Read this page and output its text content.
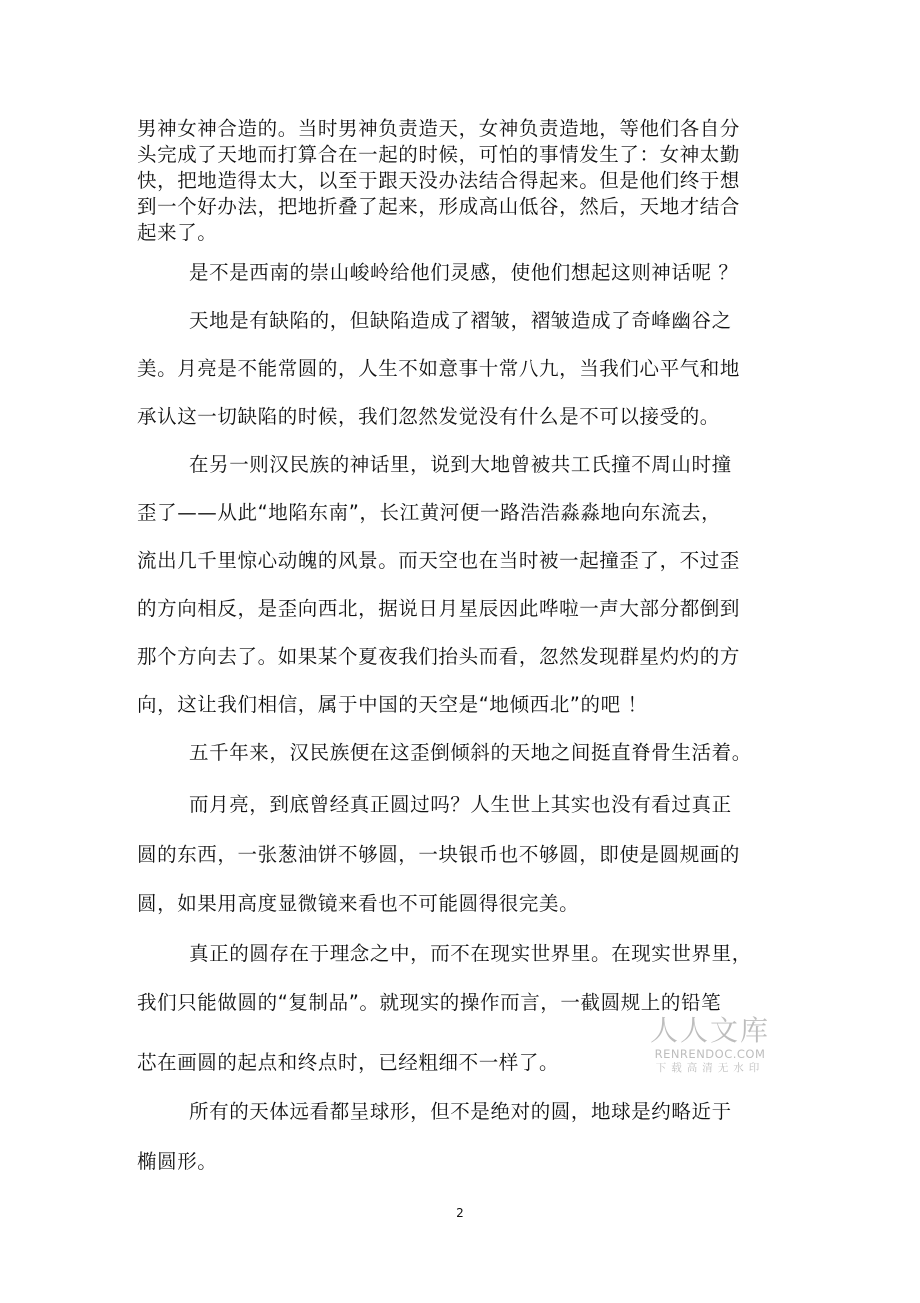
男神女神合造的。当时男神负责造天，女神负责造地，等他们各自分
头完成了天地而打算合在一起的时候，可怕的事情发生了：女神太勤
快，把地造得太大，以至于跟天没办法结合得起来。但是他们终于想
到一个好办法，把地折叠了起来，形成高山低谷，然后，天地才结合
起来了。
是不是西南的崇山峻岭给他们灵感，使他们想起这则神话呢 ？
天地是有缺陷的，但缺陷造成了褶皱，褶皱造成了奇峰幽谷之
美。月亮是不能常圆的，人生不如意事十常八九，当我们心平气和地
承认这一切缺陷的时候，我们忽然发觉没有什么是不可以接受的。
在另一则汉民族的神话里，说到大地曾被共工氏撞不周山时撞
歪了——从此“地陷东南”，长江黄河便一路浩浩淼淼地向东流去，
流出几千里惊心动魄的风景。而天空也在当时被一起撞歪了，不过歪
的方向相反，是歪向西北，据说日月星辰因此哗啦一声大部分都倒到
那个方向去了。如果某个夏夜我们抬头而看，忽然发现群星灼灼的方
向，这让我们相信，属于中国的天空是“地倾西北”的吧 ！
五千年来，汉民族便在这歪倒倾斜的天地之间挺直脊骨生活着。
而月亮，到底曾经真正圆过吗？人生世上其实也没有看过真正
圆的东西，一张葱油饼不够圆，一块银币也不够圆，即使是圆规画的
圆，如果用高度显微镜来看也不可能圆得很完美。
真正的圆存在于理念之中，而不在现实世界里。在现实世界里，
我们只能做圆的“复制品”。就现实的操作而言，一截圆规上的铅笔
芯在画圆的起点和终点时，已经粗细不一样了。
所有的天体远看都呈球形，但不是绝对的圆，地球是约略近于
椭圆形。
人人文库
RENRENDOC.COM
下载高清无水印
2
